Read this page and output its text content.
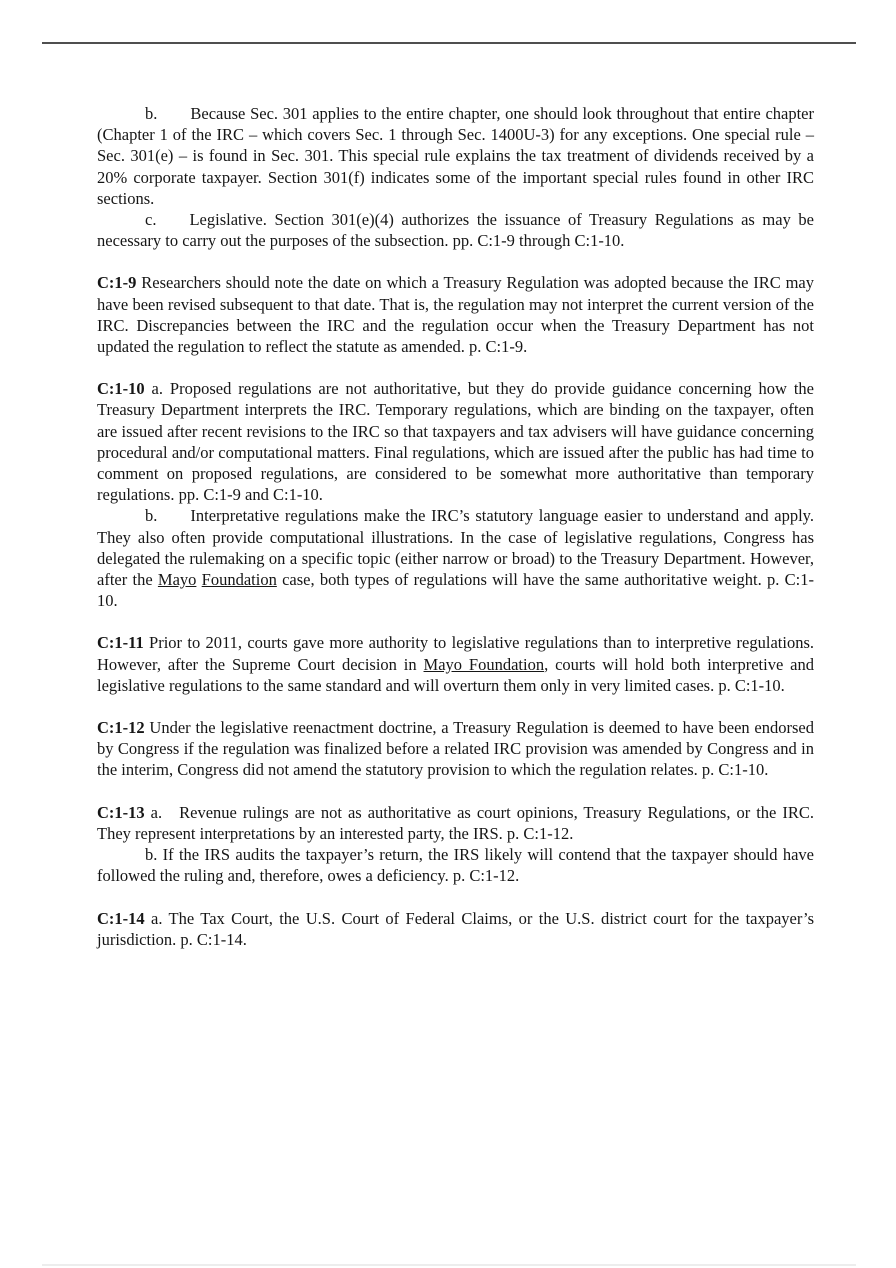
b. Because Sec. 301 applies to the entire chapter, one should look throughout that entire chapter (Chapter 1 of the IRC – which covers Sec. 1 through Sec. 1400U-3) for any exceptions. One special rule – Sec. 301(e) – is found in Sec. 301. This special rule explains the tax treatment of dividends received by a 20% corporate taxpayer. Section 301(f) indicates some of the important special rules found in other IRC sections.

c. Legislative. Section 301(e)(4) authorizes the issuance of Treasury Regulations as may be necessary to carry out the purposes of the subsection. pp. C:1-9 through C:1-10.

C:1-9 Researchers should note the date on which a Treasury Regulation was adopted because the IRC may have been revised subsequent to that date. That is, the regulation may not interpret the current version of the IRC. Discrepancies between the IRC and the regulation occur when the Treasury Department has not updated the regulation to reflect the statute as amended. p. C:1-9.

C:1-10 a. Proposed regulations are not authoritative, but they do provide guidance concerning how the Treasury Department interprets the IRC. Temporary regulations, which are binding on the taxpayer, often are issued after recent revisions to the IRC so that taxpayers and tax advisers will have guidance concerning procedural and/or computational matters. Final regulations, which are issued after the public has had time to comment on proposed regulations, are considered to be somewhat more authoritative than temporary regulations. pp. C:1-9 and C:1-10.

b. Interpretative regulations make the IRC’s statutory language easier to understand and apply. They also often provide computational illustrations. In the case of legislative regulations, Congress has delegated the rulemaking on a specific topic (either narrow or broad) to the Treasury Department. However, after the Mayo Foundation case, both types of regulations will have the same authoritative weight. p. C:1-10.

C:1-11 Prior to 2011, courts gave more authority to legislative regulations than to interpretive regulations. However, after the Supreme Court decision in Mayo Foundation, courts will hold both interpretive and legislative regulations to the same standard and will overturn them only in very limited cases. p. C:1-10.

C:1-12 Under the legislative reenactment doctrine, a Treasury Regulation is deemed to have been endorsed by Congress if the regulation was finalized before a related IRC provision was amended by Congress and in the interim, Congress did not amend the statutory provision to which the regulation relates. p. C:1-10.

C:1-13 a. Revenue rulings are not as authoritative as court opinions, Treasury Regulations, or the IRC. They represent interpretations by an interested party, the IRS. p. C:1-12.

b. If the IRS audits the taxpayer’s return, the IRS likely will contend that the taxpayer should have followed the ruling and, therefore, owes a deficiency. p. C:1-12.

C:1-14 a. The Tax Court, the U.S. Court of Federal Claims, or the U.S. district court for the taxpayer’s jurisdiction. p. C:1-14.
